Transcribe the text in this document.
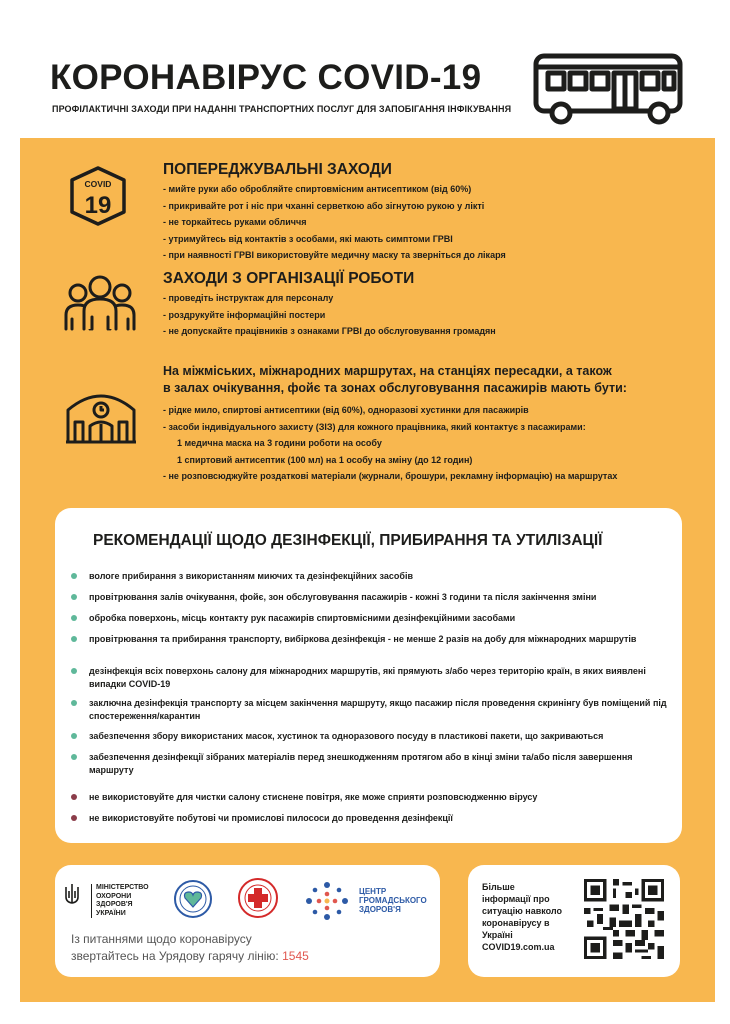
КОРОНАВІРУС COVID-19
ПРОФІЛАКТИЧНІ ЗАХОДИ ПРИ НАДАННІ ТРАНСПОРТНИХ ПОСЛУГ ДЛЯ ЗАПОБІГАННЯ ІНФІКУВАННЯ
COVID
19
ПОПЕРЕДЖУВАЛЬНІ ЗАХОДИ
- мийте руки або обробляйте спиртовмісним антисептиком (від 60%)
- прикривайте рот і ніс при чханні серветкою або зігнутою рукою у лікті
- не торкайтесь руками обличчя
- утримуйтесь від контактів з особами, які мають симптоми ГРВІ
- при наявності ГРВІ використовуйте медичну маску та зверніться до лікаря
ЗАХОДИ З ОРГАНІЗАЦІЇ РОБОТИ
- проведіть інструктаж для персоналу
- роздрукуйте інформаційні постери
- не допускайте працівників з ознаками ГРВІ до обслуговування громадян
На міжміських, міжнародних маршрутах, на станціях пересадки, а також
в залах очікування, фойє та зонах обслуговування пасажирів мають бути:
- рідке мило, спиртові антисептики (від 60%), одноразові хустинки для пасажирів
- засоби індивідуального захисту (ЗІЗ) для кожного працівника, який контактує з пасажирами:
1 медична маска на 3 години роботи на особу
1 спиртовий антисептик (100 мл) на 1 особу на зміну (до 12 годин)
- не розповсюджуйте роздаткові матеріали (журнали, брошури, рекламну інформацію) на маршрутах
РЕКОМЕНДАЦІЇ ЩОДО ДЕЗІНФЕКЦІЇ, ПРИБИРАННЯ ТА УТИЛІЗАЦІЇ
вологе прибирання з використанням миючих та дезінфекційних засобів
провітрювання залів очікування, фойє, зон обслуговування пасажирів - кожні 3 години та після закінчення зміни
обробка поверхонь, місць контакту рук пасажирів спиртовмісними дезінфекційними засобами
провітрювання та прибирання транспорту, вибіркова дезінфекція - не менше 2 разів на добу для міжнародних маршрутів
дезінфекція всіх поверхонь салону для міжнародних маршрутів, які прямують з/або через територію країн, в яких виявлені випадки COVID-19
заключна дезінфекція транспорту за місцем закінчення маршруту, якщо пасажир після проведення скринінгу був поміщений під спостереження/карантин
забезпечення збору використаних масок, хустинок та одноразового посуду в пластикові пакети, що закриваються
забезпечення дезінфекції зібраних матеріалів перед знешкодженням протягом або в кінці зміни та/або після завершення маршруту
не використовуйте для чистки салону стиснене повітря, яке може сприяти розповсюдженню вірусу
не використовуйте побутові чи промислові пилососи до проведення дезінфекції
МІНІСТЕРСТВО
ОХОРОНИ
ЗДОРОВ'Я
УКРАЇНИ
ЦЕНТР
ГРОМАДСЬКОГО
ЗДОРОВ'Я
Із питаннями щодо коронавірусу
звертайтесь на Урядову гарячу лінію: 1545
Більше
інформації про
ситуацію навколо
коронавірусу в
Україні
COVID19.com.ua
